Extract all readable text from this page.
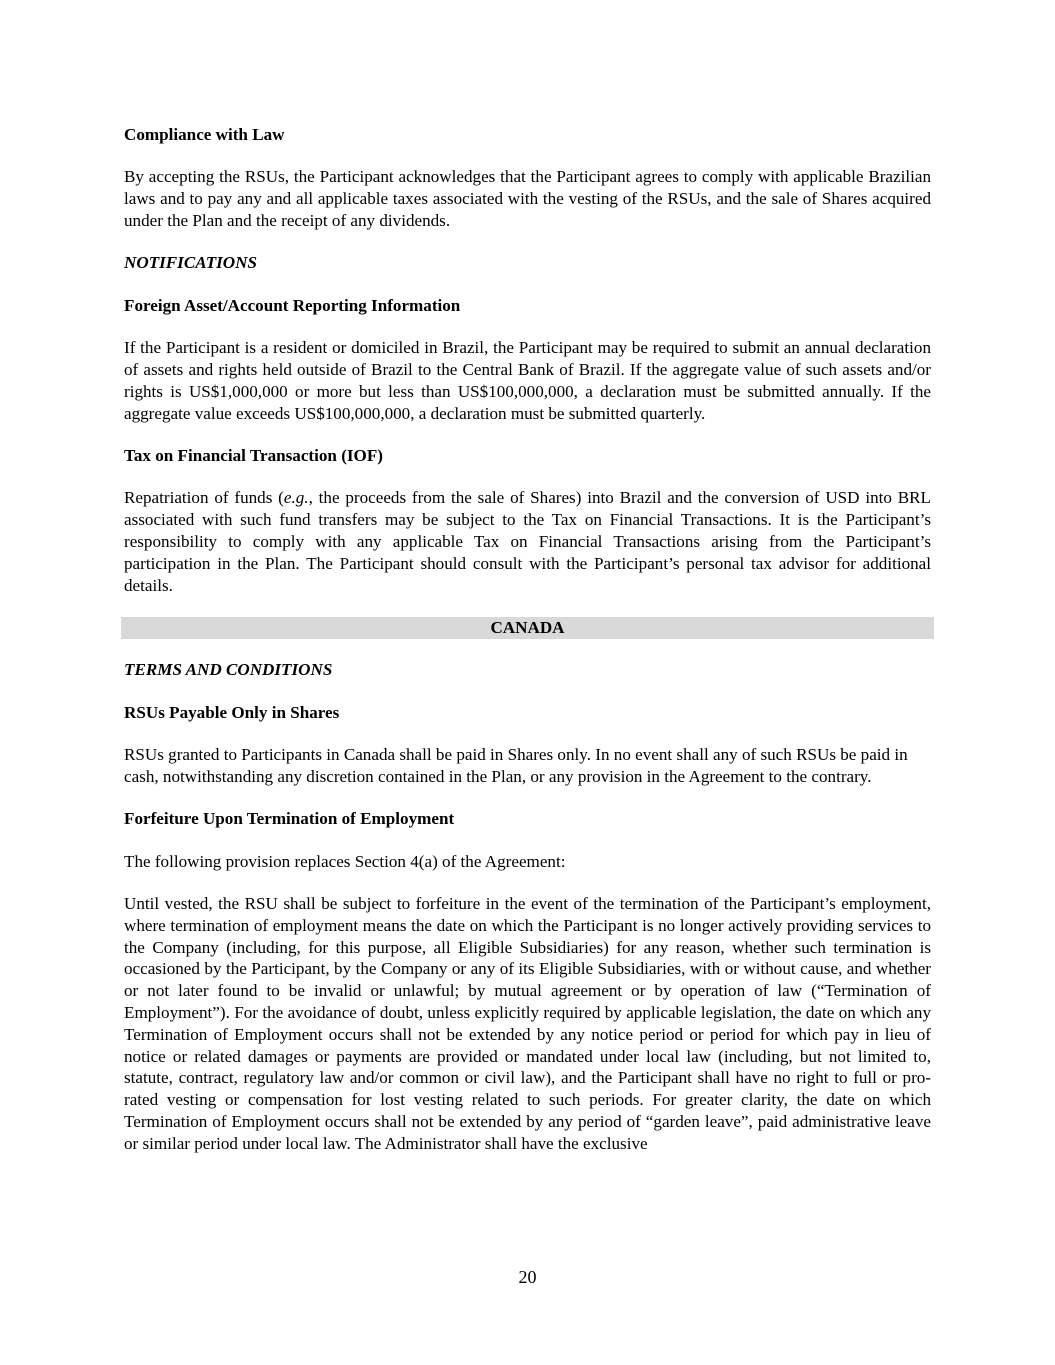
Compliance with Law
By accepting the RSUs, the Participant acknowledges that the Participant agrees to comply with applicable Brazilian laws and to pay any and all applicable taxes associated with the vesting of the RSUs, and the sale of Shares acquired under the Plan and the receipt of any dividends.
NOTIFICATIONS
Foreign Asset/Account Reporting Information
If the Participant is a resident or domiciled in Brazil, the Participant may be required to submit an annual declaration of assets and rights held outside of Brazil to the Central Bank of Brazil. If the aggregate value of such assets and/or rights is US$1,000,000 or more but less than US$100,000,000, a declaration must be submitted annually. If the aggregate value exceeds US$100,000,000, a declaration must be submitted quarterly.
Tax on Financial Transaction (IOF)
Repatriation of funds (e.g., the proceeds from the sale of Shares) into Brazil and the conversion of USD into BRL associated with such fund transfers may be subject to the Tax on Financial Transactions. It is the Participant’s responsibility to comply with any applicable Tax on Financial Transactions arising from the Participant’s participation in the Plan. The Participant should consult with the Participant’s personal tax advisor for additional details.
CANADA
TERMS AND CONDITIONS
RSUs Payable Only in Shares
RSUs granted to Participants in Canada shall be paid in Shares only. In no event shall any of such RSUs be paid in cash, notwithstanding any discretion contained in the Plan, or any provision in the Agreement to the contrary.
Forfeiture Upon Termination of Employment
The following provision replaces Section 4(a) of the Agreement:
Until vested, the RSU shall be subject to forfeiture in the event of the termination of the Participant’s employment, where termination of employment means the date on which the Participant is no longer actively providing services to the Company (including, for this purpose, all Eligible Subsidiaries) for any reason, whether such termination is occasioned by the Participant, by the Company or any of its Eligible Subsidiaries, with or without cause, and whether or not later found to be invalid or unlawful; by mutual agreement or by operation of law (“Termination of Employment”). For the avoidance of doubt, unless explicitly required by applicable legislation, the date on which any Termination of Employment occurs shall not be extended by any notice period or period for which pay in lieu of notice or related damages or payments are provided or mandated under local law (including, but not limited to, statute, contract, regulatory law and/or common or civil law), and the Participant shall have no right to full or pro-rated vesting or compensation for lost vesting related to such periods. For greater clarity, the date on which Termination of Employment occurs shall not be extended by any period of “garden leave”, paid administrative leave or similar period under local law. The Administrator shall have the exclusive
20
